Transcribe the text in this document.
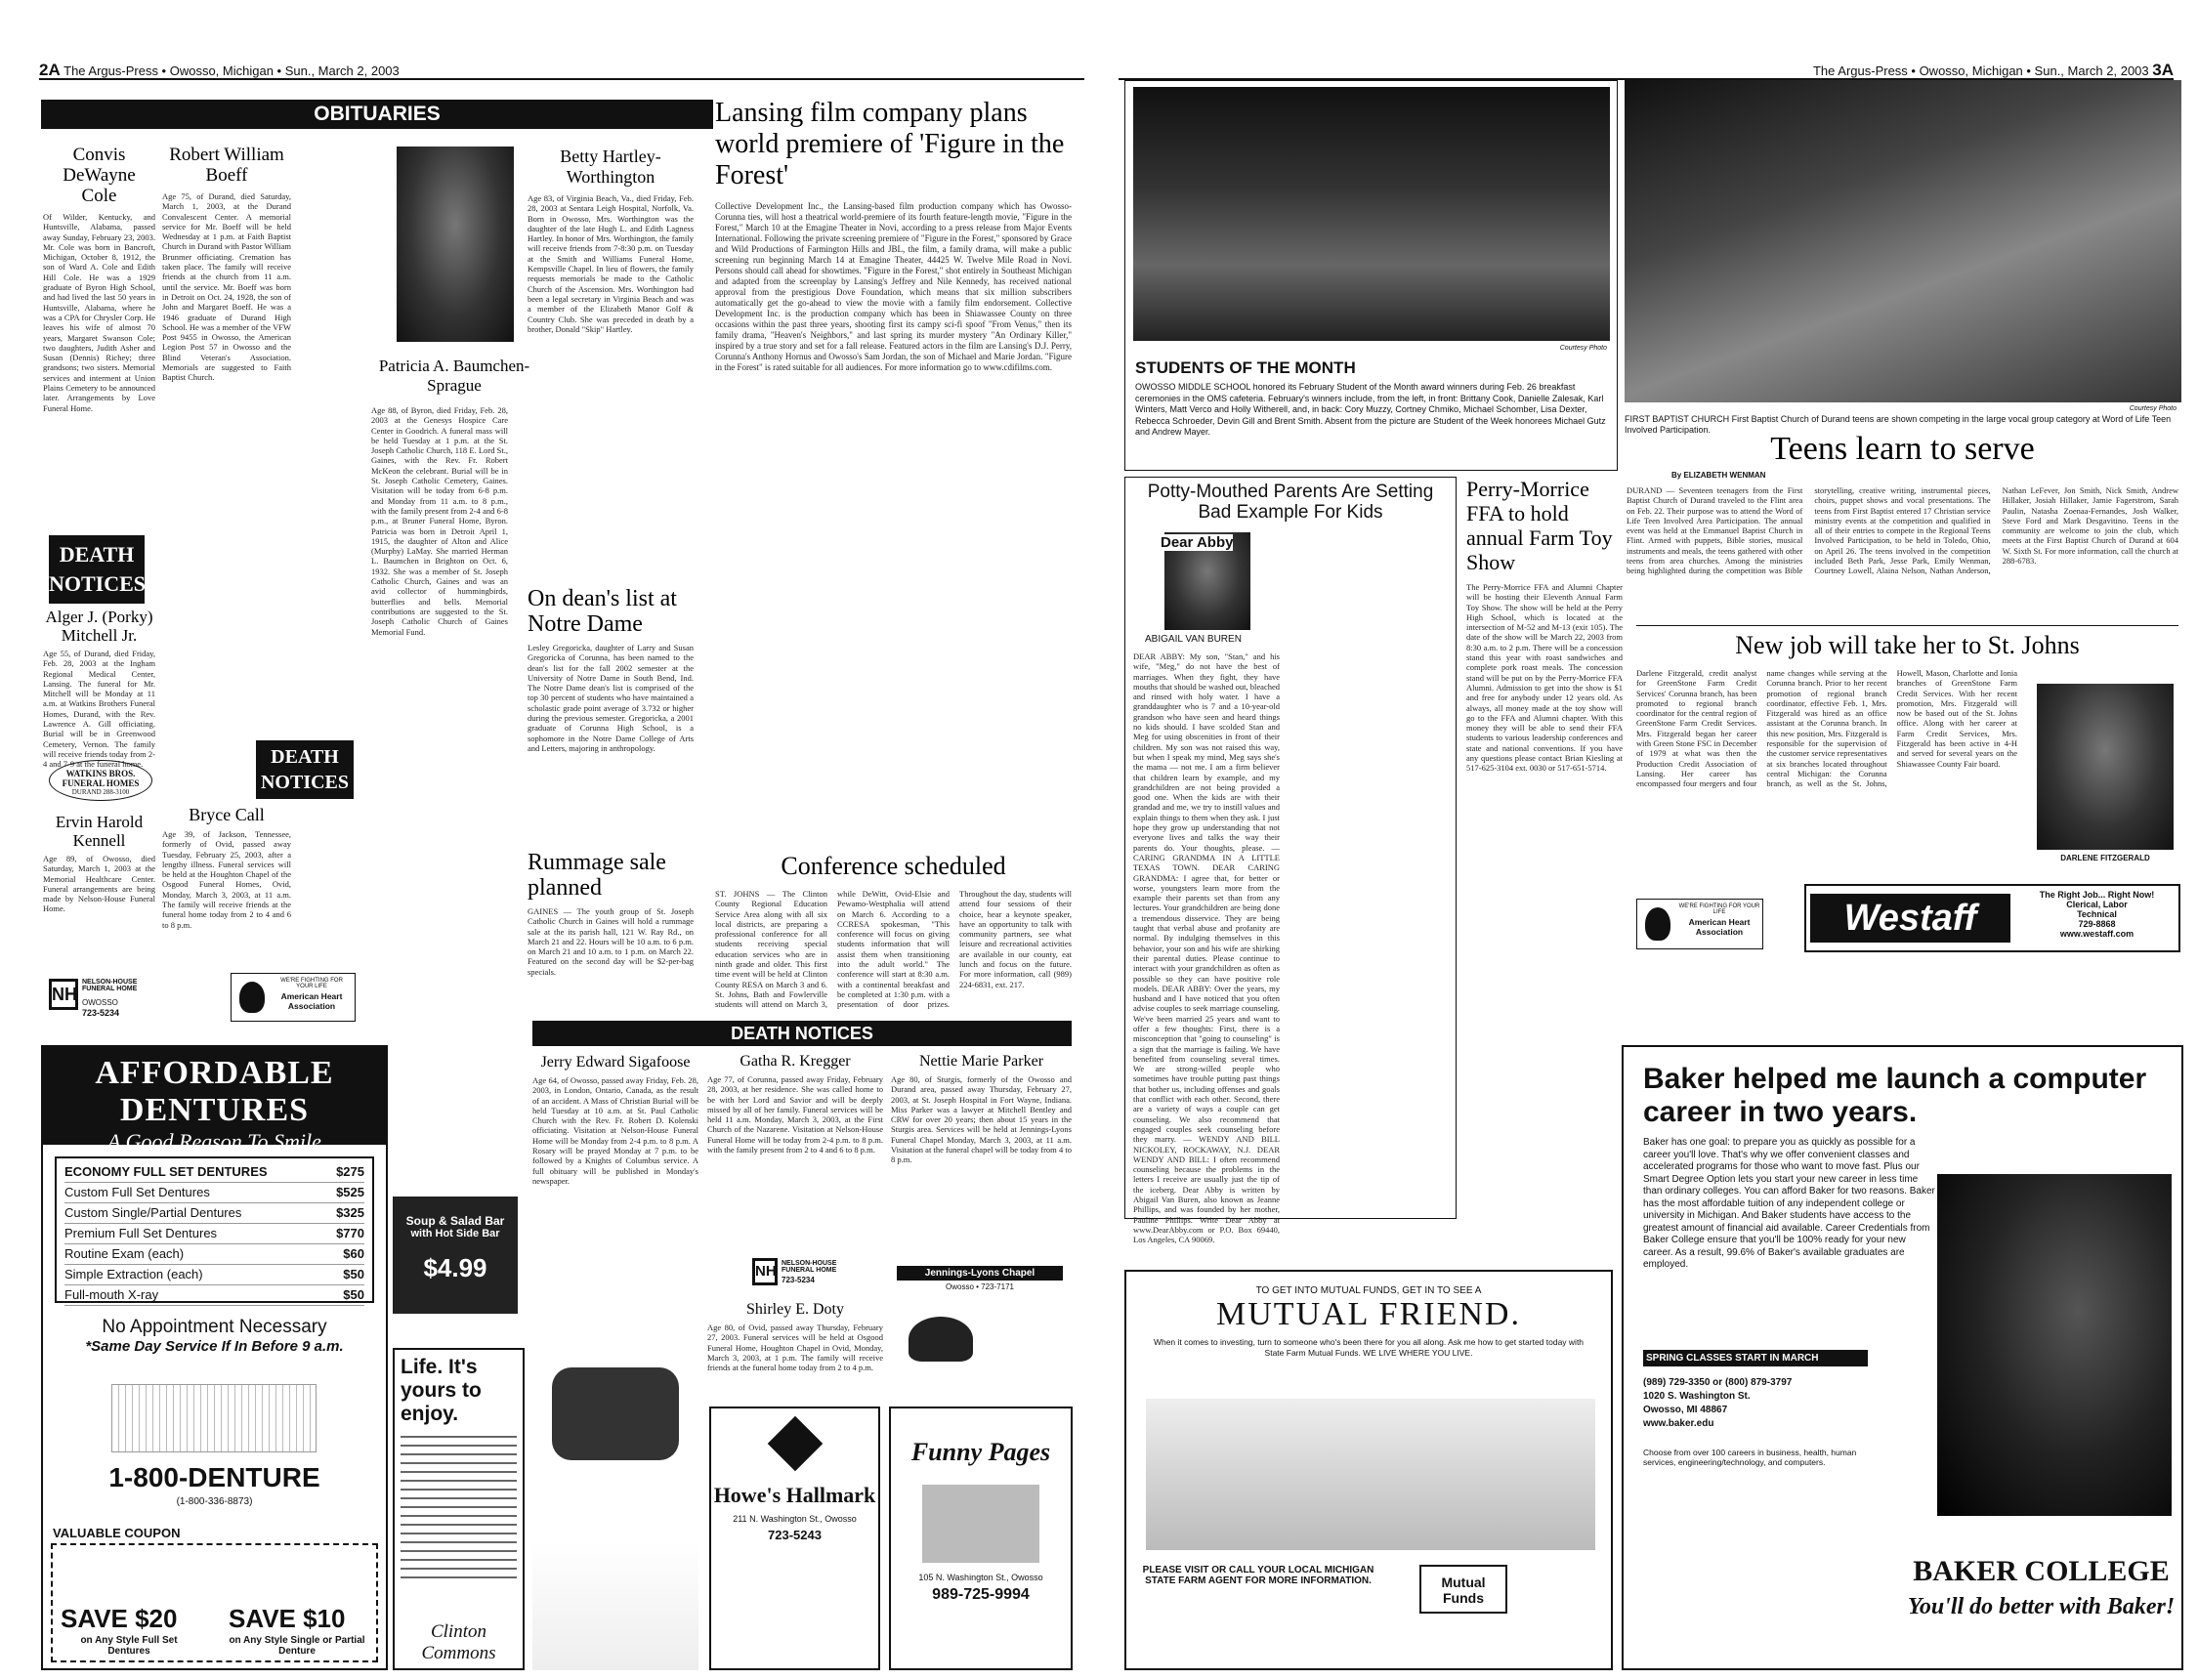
2A The Argus-Press • Owosso, Michigan • Sun., March 2, 2003
OBITUARIES
Convis DeWayne Cole
Of Wilder, Kentucky, and Huntsville, Alabama, passed away Sunday, February 23, 2003. Mr. Cole was born in Bancroft, Michigan, October 8, 1912, the son of Ward A. Cole and Edith Hill Cole. He was a 1929 graduate of Byron High School, and had lived the last 50 years in Huntsville, Alabama, where he was a CPA for Chrysler Corp. He leaves his wife of almost 70 years, Margaret Swanson Cole; two daughters, Judith Asher and Susan (Dennis) Richey; three grandsons; two sisters. Memorial services and interment at Union Plains Cemetery to be announced later. Arrangements by Love Funeral Home.
DEATH NOTICES
Alger J. (Porky) Mitchell Jr.
Age 55, of Durand, died Friday, Feb. 28, 2003 at the Ingham Regional Medical Center, Lansing. The funeral for Mr. Mitchell will be Monday at 11 a.m. at Watkins Brothers Funeral Homes, Durand, with the Rev. Lawrence A. Gill officiating. Burial will be in Greenwood Cemetery, Vernon. The family will receive friends today from 2-4 and 7-9 at the funeral home.
WATKINS BROS. FUNERAL HOMES
DURAND 288-3100
Ervin Harold Kennell
Age 89, of Owosso, died Saturday, March 1, 2003 at the Memorial Healthcare Center. Funeral arrangements are being made by Nelson-House Funeral Home.
NH
NELSON-HOUSE FUNERAL HOME
OWOSSO
723-5234
Robert William Boeff
Age 75, of Durand, died Saturday, March 1, 2003, at the Durand Convalescent Center. A memorial service for Mr. Boeff will be held Wednesday at 1 p.m. at Faith Baptist Church in Durand with Pastor William Brunmer officiating. Cremation has taken place. The family will receive friends at the church from 11 a.m. until the service. Mr. Boeff was born in Detroit on Oct. 24, 1928, the son of John and Margaret Boeff. He was a 1946 graduate of Durand High School. He was a member of the VFW Post 9455 in Owosso, the American Legion Post 57 in Owosso and the Blind Veteran's Association. Memorials are suggested to Faith Baptist Church.
DEATH NOTICES
Bryce Call
Age 39, of Jackson, Tennessee, formerly of Ovid, passed away Tuesday, February 25, 2003, after a lengthy illness. Funeral services will be held at the Houghton Chapel of the Osgood Funeral Homes, Ovid, Monday, March 3, 2003, at 11 a.m. The family will receive friends at the funeral home today from 2 to 4 and 6 to 8 p.m.
WE'RE FIGHTING FOR YOUR LIFE
American Heart Association
Patricia A. Baumchen-Sprague
Age 88, of Byron, died Friday, Feb. 28, 2003 at the Genesys Hospice Care Center in Goodrich. A funeral mass will be held Tuesday at 1 p.m. at the St. Joseph Catholic Church, 118 E. Lord St., Gaines, with the Rev. Fr. Robert McKeon the celebrant. Burial will be in St. Joseph Catholic Cemetery, Gaines. Visitation will be today from 6-8 p.m. and Monday from 11 a.m. to 8 p.m., with the family present from 2-4 and 6-8 p.m., at Bruner Funeral Home, Byron. Patricia was born in Detroit April 1, 1915, the daughter of Alton and Alice (Murphy) LaMay. She married Herman L. Baumchen in Brighton on Oct. 6, 1932. She was a member of St. Joseph Catholic Church, Gaines and was an avid collector of hummingbirds, butterflies and bells. Memorial contributions are suggested to the St. Joseph Catholic Church of Gaines Memorial Fund.
Betty Hartley-Worthington
Age 83, of Virginia Beach, Va., died Friday, Feb. 28, 2003 at Sentara Leigh Hospital, Norfolk, Va. Born in Owosso, Mrs. Worthington was the daughter of the late Hugh L. and Edith Lagness Hartley. In honor of Mrs. Worthington, the family will receive friends from 7-8:30 p.m. on Tuesday at the Smith and Williams Funeral Home, Kempsville Chapel. In lieu of flowers, the family requests memorials be made to the Catholic Church of the Ascension. Mrs. Worthington had been a legal secretary in Virginia Beach and was a member of the Elizabeth Manor Golf & Country Club. She was preceded in death by a brother, Donald "Skip" Hartley.
On dean's list at Notre Dame
Lesley Gregoricka, daughter of Larry and Susan Gregoricka of Corunna, has been named to the dean's list for the fall 2002 semester at the University of Notre Dame in South Bend, Ind. The Notre Dame dean's list is comprised of the top 30 percent of students who have maintained a scholastic grade point average of 3.732 or higher during the previous semester. Gregoricka, a 2001 graduate of Corunna High School, is a sophomore in the Notre Dame College of Arts and Letters, majoring in anthropology.
Rummage sale planned
GAINES — The youth group of St. Joseph Catholic Church in Gaines will hold a rummage sale at the its parish hall, 121 W. Ray Rd., on March 21 and 22. Hours will be 10 a.m. to 6 p.m. on March 21 and 10 a.m. to 1 p.m. on March 22. Featured on the second day will be $2-per-bag specials.
Lansing film company plans world premiere of 'Figure in the Forest'
Collective Development Inc., the Lansing-based film production company which has Owosso-Corunna ties, will host a theatrical world-premiere of its fourth feature-length movie, "Figure in the Forest," March 10 at the Emagine Theater in Novi, according to a press release from Major Events International. Following the private screening premiere of "Figure in the Forest," sponsored by Grace and Wild Productions of Farmington Hills and JBL, the film, a family drama, will make a public screening run beginning March 14 at Emagine Theater, 44425 W. Twelve Mile Road in Novi. Persons should call ahead for showtimes. "Figure in the Forest," shot entirely in Southeast Michigan and adapted from the screenplay by Lansing's Jeffrey and Nile Kennedy, has received national approval from the prestigious Dove Foundation, which means that six million subscribers automatically get the go-ahead to view the movie with a family film endorsement. Collective Development Inc. is the production company which has been in Shiawassee County on three occasions within the past three years, shooting first its campy sci-fi spoof "From Venus," then its family drama, "Heaven's Neighbors," and last spring its murder mystery "An Ordinary Killer," inspired by a true story and set for a fall release. Featured actors in the film are Lansing's D.J. Perry, Corunna's Anthony Hornus and Owosso's Sam Jordan, the son of Michael and Marie Jordan. "Figure in the Forest" is rated suitable for all audiences. For more information go to www.cdifilms.com.
Conference scheduled
ST. JOHNS — The Clinton County Regional Education Service Area along with all six local districts, are preparing a professional conference for all students receiving special education services who are in ninth grade and older. This first time event will be held at Clinton County RESA on March 3 and 6. St. Johns, Bath and Fowlerville students will attend on March 3, while DeWitt, Ovid-Elsie and Pewamo-Westphalia will attend on March 6. According to a CCRESA spokesman, "This conference will focus on giving students information that will assist them when transitioning into the adult world." The conference will start at 8:30 a.m. with a continental breakfast and be completed at 1:30 p.m. with a presentation of door prizes. Throughout the day, students will attend four sessions of their choice, hear a keynote speaker, have an opportunity to talk with community partners, see what leisure and recreational activities are available in our county, eat lunch and focus on the future. For more information, call (989) 224-6831, ext. 217.
DEATH NOTICES
Jerry Edward Sigafoose
Age 64, of Owosso, passed away Friday, Feb. 28, 2003, in London, Ontario, Canada, as the result of an accident. A Mass of Christian Burial will be held Tuesday at 10 a.m. at St. Paul Catholic Church with the Rev. Fr. Robert D. Kolenski officiating. Visitation at Nelson-House Funeral Home will be Monday from 2-4 p.m. to 8 p.m. A Rosary will be prayed Monday at 7 p.m. to be followed by a Knights of Columbus service. A full obituary will be published in Monday's newspaper.
Gatha R. Kregger
Age 77, of Corunna, passed away Friday, February 28, 2003, at her residence. She was called home to be with her Lord and Savior and will be deeply missed by all of her family. Funeral services will be held 11 a.m. Monday, March 3, 2003, at the First Church of the Nazarene. Visitation at Nelson-House Funeral Home will be today from 2-4 p.m. to 8 p.m. with the family present from 2 to 4 and 6 to 8 p.m.
Nettie Marie Parker
Age 80, of Sturgis, formerly of the Owosso and Durand area, passed away Thursday, February 27, 2003, at St. Joseph Hospital in Fort Wayne, Indiana. Miss Parker was a lawyer at Mitchell Bentley and CRW for over 20 years; then about 15 years in the Sturgis area. Services will be held at Jennings-Lyons Funeral Chapel Monday, March 3, 2003, at 11 a.m. Visitation at the funeral chapel will be today from 4 to 8 p.m.
Shirley E. Doty
Age 80, of Ovid, passed away Thursday, February 27, 2003. Funeral services will be held at Osgood Funeral Home, Houghton Chapel in Ovid, Monday, March 3, 2003, at 1 p.m. The family will receive friends at the funeral home today from 2 to 4 p.m.
NH NELSON-HOUSE FUNERAL HOME
723-5234
Jennings-Lyons Chapel
Owosso • 723-7171
AFFORDABLE DENTURES
A Good Reason To Smile
ECONOMY FULL SET DENTURES	$275
Custom Full Set Dentures	$525
Custom Single/Partial Dentures	$325
Premium Full Set Dentures	$770
Routine Exam (each)	$60
Simple Extraction (each)	$50
Full-mouth X-ray	$50
No Appointment Necessary
*Same Day Service If In Before 9 a.m.
1-800-DENTURE
(1-800-336-8873)
VALUABLE COUPON
SAVE $20
on Any Style Full Set Dentures
SAVE $10
on Any Style Single or Partial Denture
Soup & Salad Bar
with Hot Side Bar
$4.99
Life. It's yours to enjoy.
Clinton Commons
Howe's Hallmark
211 N. Washington St., Owosso
723-5243
Funny Pages
105 N. Washington St., Owosso
989-725-9994
The Argus-Press • Owosso, Michigan • Sun., March 2, 2003 3A
Courtesy Photo
STUDENTS OF THE MONTH
OWOSSO MIDDLE SCHOOL honored its February Student of the Month award winners during Feb. 26 breakfast ceremonies in the OMS cafeteria. February's winners include, from the left, in front: Brittany Cook, Danielle Zalesak, Karl Winters, Matt Verco and Holly Witherell, and, in back: Cory Muzzy, Cortney Chmiko, Michael Schomber, Lisa Dexter, Rebecca Schroeder, Devin Gill and Brent Smith. Absent from the picture are Student of the Week honorees Michael Gutz and Andrew Mayer.
Courtesy Photo
FIRST BAPTIST CHURCH First Baptist Church of Durand teens are shown competing in the large vocal group category at Word of Life Teen Involved Participation.
Potty-Mouthed Parents Are Setting Bad Example For Kids
Dear Abby
ABIGAIL VAN BUREN
DEAR ABBY: My son, "Stan," and his wife, "Meg," do not have the best of marriages. When they fight, they have mouths that should be washed out, bleached and rinsed with holy water. I have a granddaughter who is 7 and a 10-year-old grandson who have seen and heard things no kids should. I have scolded Stan and Meg for using obscenities in front of their children. My son was not raised this way, but when I speak my mind, Meg says she's the mama — not me. I am a firm believer that children learn by example, and my grandchildren are not being provided a good one. When the kids are with their grandad and me, we try to instill values and explain things to them when they ask. I just hope they grow up understanding that not everyone lives and talks the way their parents do. Your thoughts, please. — CARING GRANDMA IN A LITTLE TEXAS TOWN. DEAR CARING GRANDMA: I agree that, for better or worse, youngsters learn more from the example their parents set than from any lectures. Your grandchildren are being done a tremendous disservice. They are being taught that verbal abuse and profanity are normal. By indulging themselves in this behavior, your son and his wife are shirking their parental duties. Please continue to interact with your grandchildren as often as possible so they can have positive role models. DEAR ABBY: Over the years, my husband and I have noticed that you often advise couples to seek marriage counseling. We've been married 25 years and want to offer a few thoughts: First, there is a misconception that "going to counseling" is a sign that the marriage is failing. We have benefited from counseling several times. We are strong-willed people who sometimes have trouble putting past things that bother us, including offenses and goals that conflict with each other. Second, there are a variety of ways a couple can get counseling. We also recommend that engaged couples seek counseling before they marry. — WENDY AND BILL NICKOLEY, ROCKAWAY, N.J. DEAR WENDY AND BILL: I often recommend counseling because the problems in the letters I receive are usually just the tip of the iceberg. Dear Abby is written by Abigail Van Buren, also known as Jeanne Phillips, and was founded by her mother, Pauline Phillips. Write Dear Abby at www.DearAbby.com or P.O. Box 69440, Los Angeles, CA 90069.
Perry-Morrice FFA to hold annual Farm Toy Show
The Perry-Morrice FFA and Alumni Chapter will be hosting their Eleventh Annual Farm Toy Show. The show will be held at the Perry High School, which is located at the intersection of M-52 and M-13 (exit 105). The date of the show will be March 22, 2003 from 8:30 a.m. to 2 p.m. There will be a concession stand this year with roast sandwiches and complete pork roast meals. The concession stand will be put on by the Perry-Morrice FFA Alumni. Admission to get into the show is $1 and free for anybody under 12 years old. As always, all money made at the toy show will go to the FFA and Alumni chapter. With this money they will be able to send their FFA students to various leadership conferences and state and national conventions. If you have any questions please contact Brian Kiesling at 517-625-3104 ext. 0030 or 517-651-5714.
Teens learn to serve
By ELIZABETH WENMAN
DURAND — Seventeen teenagers from the First Baptist Church of Durand traveled to the Flint area on Feb. 22. Their purpose was to attend the Word of Life Teen Involved Area Participation. The annual event was held at the Emmanuel Baptist Church in Flint. Armed with puppets, Bible stories, musical instruments and meals, the teens gathered with other teens from area churches. Among the ministries being highlighted during the competition was Bible storytelling, creative writing, instrumental pieces, choirs, puppet shows and vocal presentations. The teens from First Baptist entered 17 Christian service ministry events at the competition and qualified in all of their entries to compete in the Regional Teens Involved Participation, to be held in Toledo, Ohio, on April 26. The teens involved in the competition included Beth Park, Jesse Park, Emily Wenman, Courtney Lowell, Alaina Nelson, Nathan Anderson, Nathan LeFever, Jon Smith, Nick Smith, Andrew Hillaker, Josiah Hillaker, Jamie Fagerstrom, Sarah Paulin, Natasha Zoenaa-Fernandes, Josh Walker, Steve Ford and Mark Desgavitino. Teens in the community are welcome to join the club, which meets at the First Baptist Church of Durand at 604 W. Sixth St. For more information, call the church at 288-6783.
New job will take her to St. Johns
Darlene Fitzgerald, credit analyst for GreenStone Farm Credit Services' Corunna branch, has been promoted to regional branch coordinator for the central region of GreenStone Farm Credit Services. Mrs. Fitzgerald began her career with Green Stone FSC in December of 1979 at what was then the Production Credit Association of Lansing. Her career has encompassed four mergers and four name changes while serving at the Corunna branch. Prior to her recent promotion of regional branch coordinator, effective Feb. 1, Mrs. Fitzgerald was hired as an office assistant at the Corunna branch. In this new position, Mrs. Fitzgerald is responsible for the supervision of the customer service representatives at six branches located throughout central Michigan: the Corunna branch, as well as the St. Johns, Howell, Mason, Charlotte and Ionia branches of GreenStone Farm Credit Services. With her recent promotion, Mrs. Fitzgerald will now be based out of the St. Johns office. Along with her career at Farm Credit Services, Mrs. Fitzgerald has been active in 4-H and served for several years on the Shiawassee County Fair board.
DARLENE FITZGERALD
WE'RE FIGHTING FOR YOUR LIFE
American Heart Association	Westaff
The Right Job... Right Now!
Clerical, Labor
Technical
729-8868
www.westaff.com
TO GET INTO MUTUAL FUNDS, GET IN TO SEE A
MUTUAL FRIEND.
When it comes to investing, turn to someone who's been there for you all along. Ask me how to get started today with State Farm Mutual Funds. WE LIVE WHERE YOU LIVE.
PLEASE VISIT OR CALL YOUR LOCAL MICHIGAN STATE FARM AGENT FOR MORE INFORMATION.	Mutual Funds
Baker helped me launch a computer career in two years.
Baker has one goal: to prepare you as quickly as possible for a career you'll love. That's why we offer convenient classes and accelerated programs for those who want to move fast. Plus our Smart Degree Option lets you start your new career in less time than ordinary colleges. You can afford Baker for two reasons. Baker has the most affordable tuition of any independent college or university in Michigan. And Baker students have access to the greatest amount of financial aid available. Career Credentials from Baker College ensure that you'll be 100% ready for your new career. As a result, 99.6% of Baker's available graduates are employed.
SPRING CLASSES START IN MARCH
(989) 729-3350 or (800) 879-3797
1020 S. Washington St.
Owosso, MI 48867
www.baker.edu
Choose from over 100 careers in business, health, human services, engineering/technology, and computers.
BAKER COLLEGE
You'll do better with Baker!
